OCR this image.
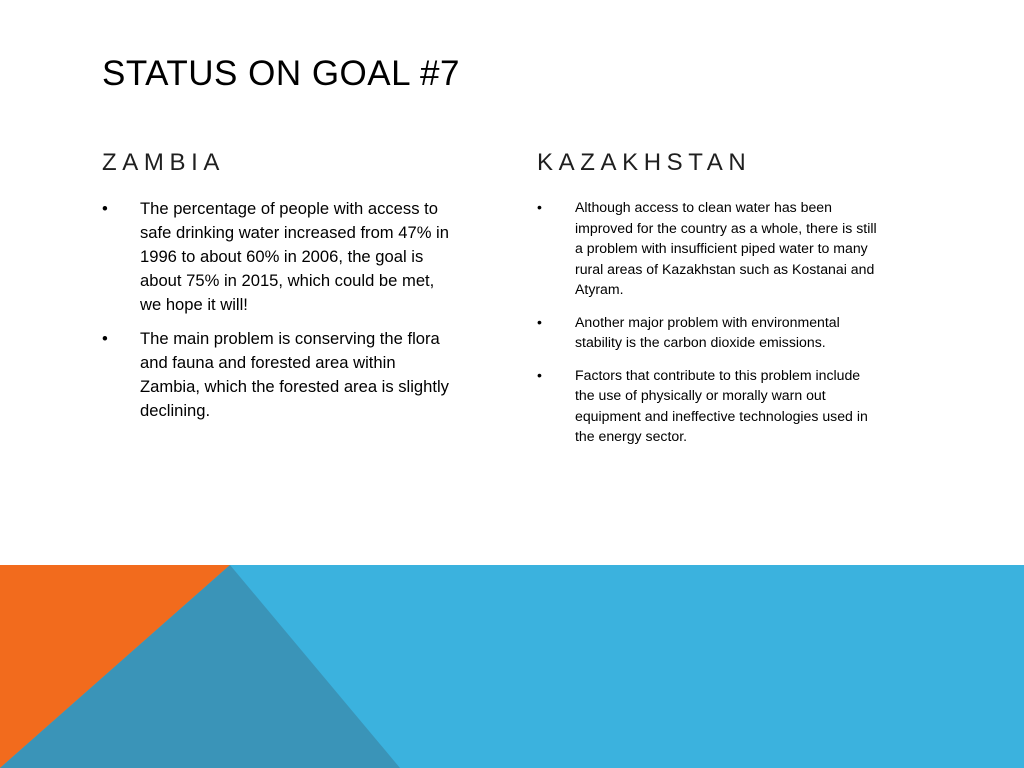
STATUS ON GOAL #7
ZAMBIA	KAZAKHSTAN
• The percentage of people with access to safe drinking water increased from 47% in 1996 to about 60% in 2006, the goal is about 75% in 2015, which could be met, we hope it will!
• The main problem is conserving the flora and fauna and forested area within Zambia, which the forested area is slightly declining.
• Although access to clean water has been improved for the country as a whole, there is still a problem with insufficient piped water to many rural areas of Kazakhstan such as Kostanai and Atyram.
• Another major problem with environmental stability is the carbon dioxide emissions.
• Factors that contribute to this problem include the use of physically or morally warn out equipment and ineffective technologies used in the energy sector.
